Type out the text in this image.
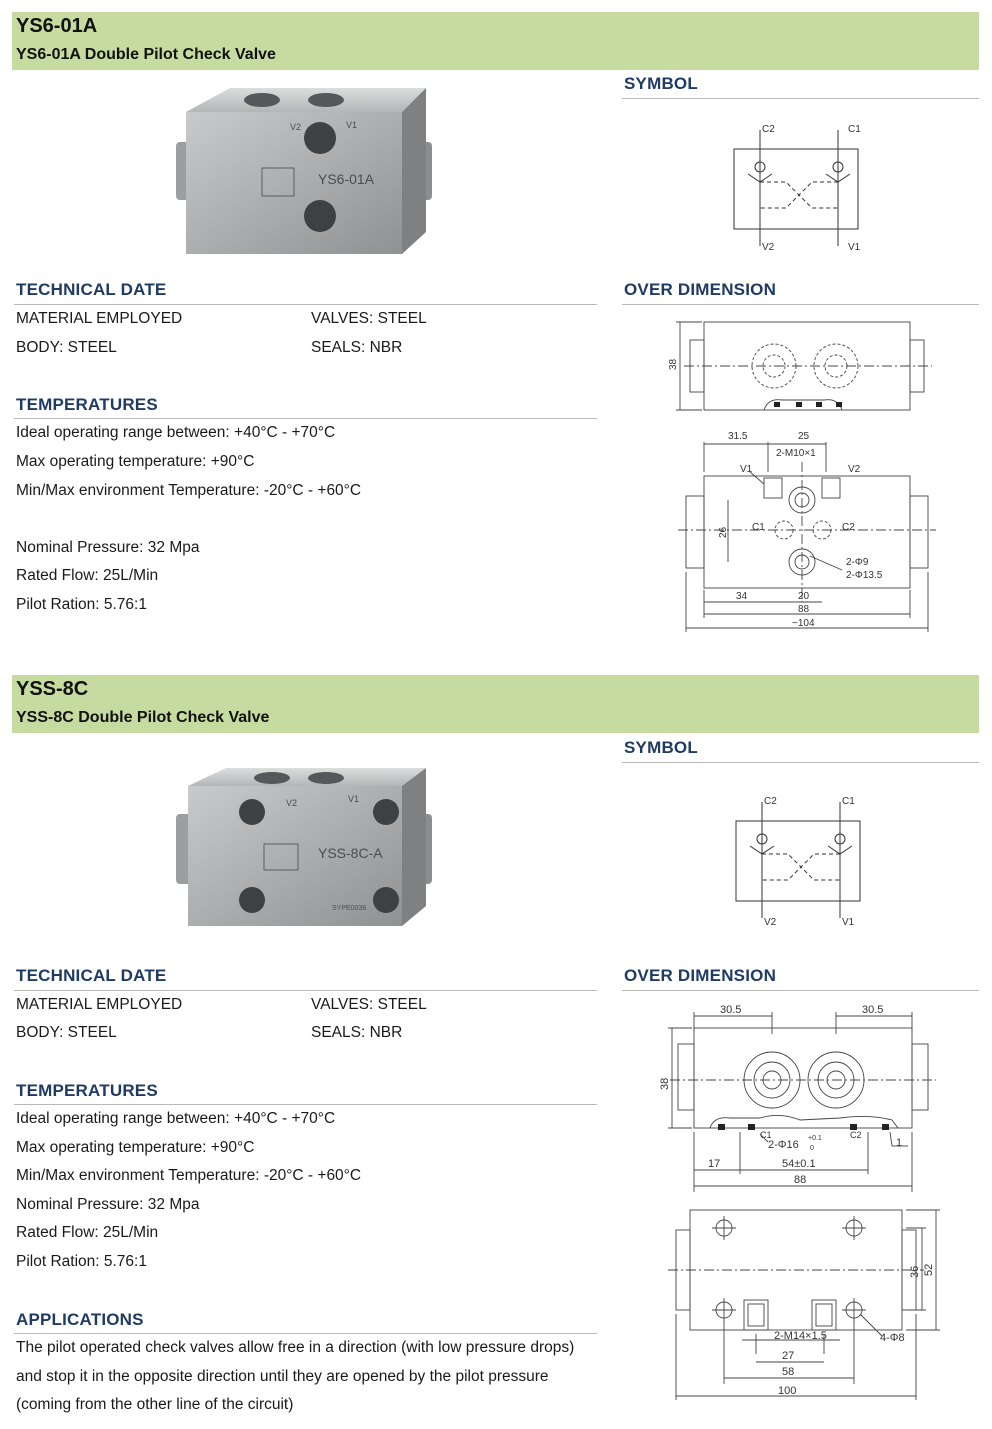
YS6-01A
YS6-01A Double Pilot Check Valve
V2	V1
YS6-01A
SYMBOL
C2	C1
V2	V1
TECHNICAL DATE
MATERIAL EMPLOYED	VALVES: STEEL
BODY: STEEL	SEALS: NBR
TEMPERATURES
Ideal operating range between: +40°C - +70°C
Max operating temperature: +90°C
Min/Max environment Temperature: -20°C - +60°C
Nominal Pressure: 32 Mpa
Rated Flow: 25L/Min
Pilot Ration: 5.76:1
OVER DIMENSION
38
31.5	25
2-M10×1
V1	V2
C1	C2
26
2-Φ9
2-Φ13.5
34	20
88
~104
YSS-8C
YSS-8C Double Pilot Check Valve
V2	V1
YSS-8C-A
SYPE0036
SYMBOL
C2	C1
V2	V1
TECHNICAL DATE
MATERIAL EMPLOYED	VALVES: STEEL
BODY: STEEL	SEALS: NBR
TEMPERATURES
Ideal operating range between: +40°C - +70°C
Max operating temperature: +90°C
Min/Max environment Temperature: -20°C - +60°C
Nominal Pressure: 32 Mpa
Rated Flow: 25L/Min
Pilot Ration: 5.76:1
APPLICATIONS
The pilot operated check valves allow free in a direction (with low pressure drops) and stop it in the opposite direction until they are opened by the pilot pressure (coming from the other line of the circuit)
OVER DIMENSION
30.5	30.5
38
C1	C2
2-Φ16
+0.1
0	1
17	54±0.1
88
36 52
4-Φ8
2-M14×1.5
27
58
100
